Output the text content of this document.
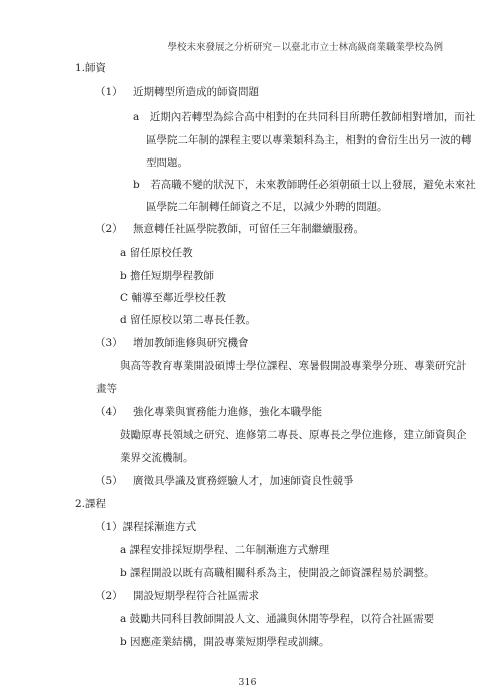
學校未來發展之分析研究－以臺北市立士林高級商業職業學校為例
1.師資
（1） 近期轉型所造成的師資問題
a　近期內若轉型為綜合高中相對的在共同科目所聘任教師相對增加，而社
區學院二年制的課程主要以專業類科為主，相對的會衍生出另一波的轉
型問題。
b　若高職不變的狀況下，未來教師聘任必須朝碩士以上發展，避免未來社
區學院二年制轉任師資之不足，以減少外聘的問題。
（2） 無意轉任社區學院教師，可留任三年制繼續服務。
a 留任原校任教
b 擔任短期學程教師
C 輔導至鄰近學校任教
d 留任原校以第二專長任教。
（3） 增加教師進修與研究機會
與高等教育專業開設碩博士學位課程、寒暑假開設專業學分班、專業研究計
畫等
（4） 強化專業與實務能力進修，強化本職學能
鼓勵原專長領域之研究、進修第二專長、原專長之學位進修，建立師資與企
業界交流機制。
（5） 廣徵具學識及實務經驗人才，加速師資良性競爭
2.課程
（1）課程採漸進方式
a 課程安排採短期學程、二年制漸進方式辦理
b 課程開設以既有高職相關科系為主，使開設之師資課程易於調整。
（2） 開設短期學程符合社區需求
a 鼓勵共同科目教師開設人文、通識與休閒等學程，以符合社區需要
b 因應產業結構，開設專業短期學程或訓練。
316
